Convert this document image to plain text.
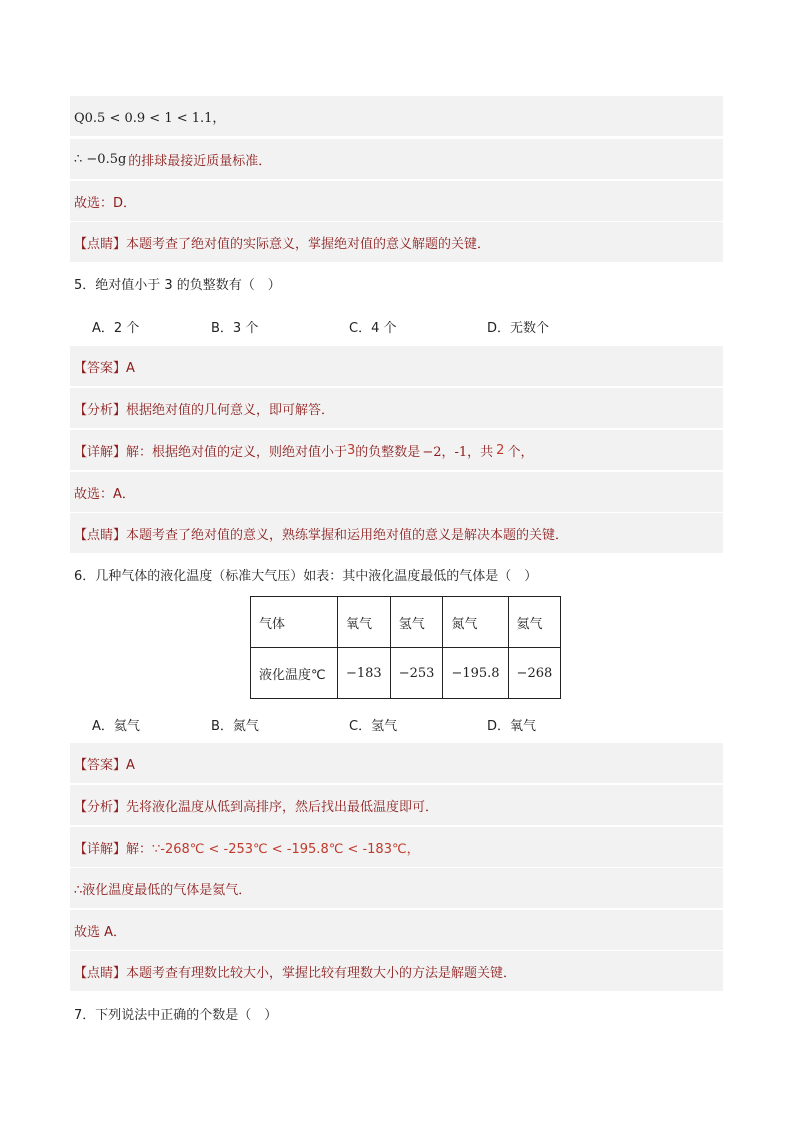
Q0.5 < 0.9 < 1 < 1.1，
∴ −0.5g 的排球最接近质量标准．
故选：D．
【点睛】本题考查了绝对值的实际意义，掌握绝对值的意义解题的关键．
5．绝对值小于 3 的负整数有（　）
A．2 个	B．3 个	C．4 个	D．无数个
【答案】A
【分析】根据绝对值的几何意义，即可解答．
【详解】解：根据绝对值的定义，则绝对值小于 3 的负整数是 −2，-1， 共 2 个，
故选：A．
【点睛】本题考查了绝对值的意义，熟练掌握和运用绝对值的意义是解决本题的关键．
6．几种气体的液化温度（标准大气压）如表：其中液化温度最低的气体是（　）
气体	氧气	氢气	氮气	氦气
液化温度℃	−183	−253	−195.8	−268
A．氦气	B．氮气	C．氢气	D．氧气
【答案】A
【分析】先将液化温度从低到高排序，然后找出最低温度即可．
【详解】解： ∵-268℃ < -253℃ < -195.8℃ < -183℃，
∴液化温度最低的气体是氦气．
故选 A．
【点睛】本题考查有理数比较大小，掌握比较有理数大小的方法是解题关键．
7．下列说法中正确的个数是（　）
